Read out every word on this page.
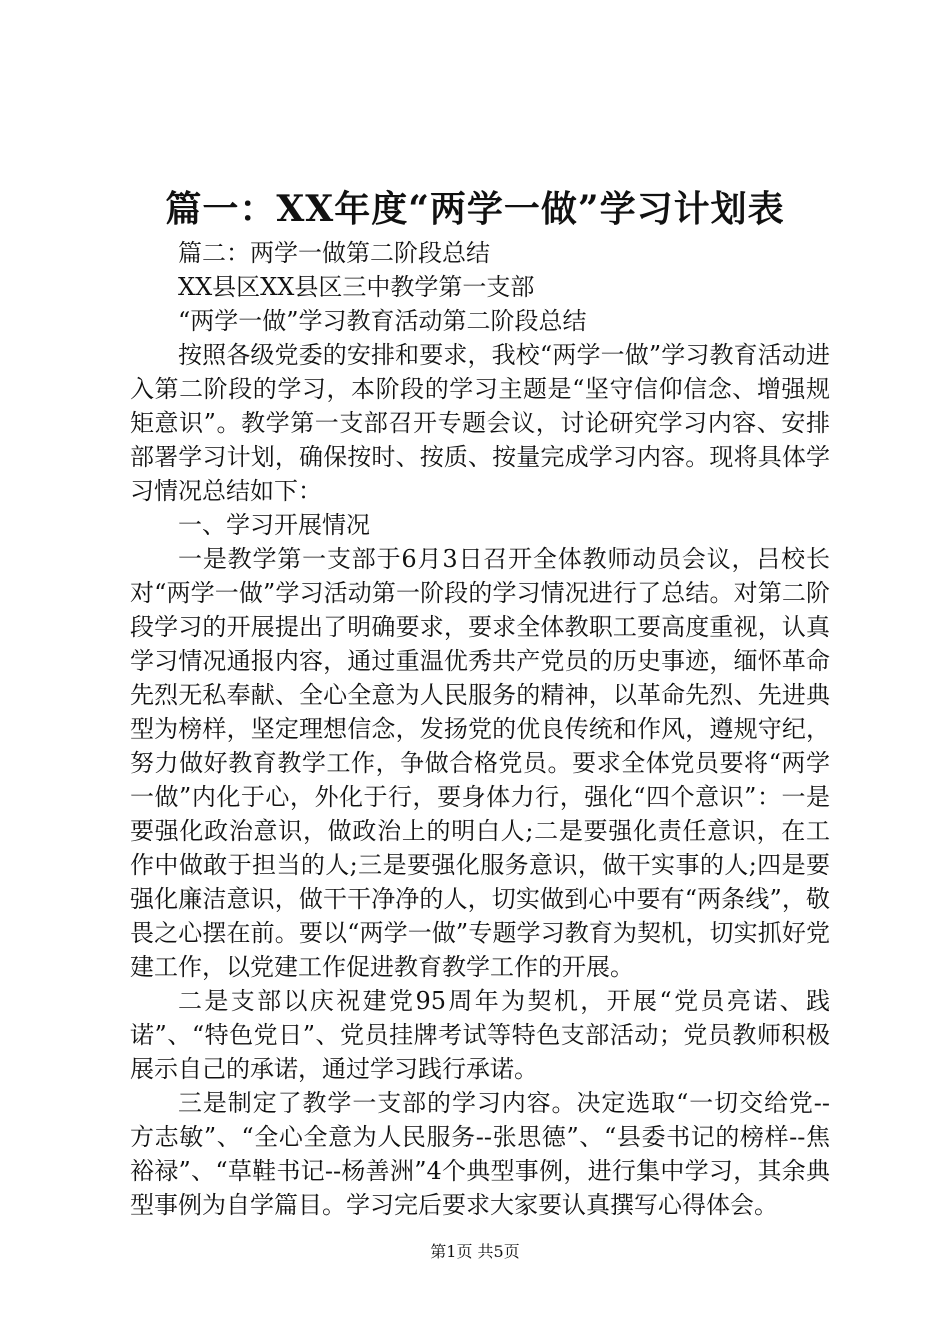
篇一：XX年度“两学一做”学习计划表

篇二：两学一做第二阶段总结

XX县区XX县区三中教学第一支部

“两学一做”学习教育活动第二阶段总结

按照各级党委的安排和要求，我校“两学一做”学习教育活动进入第二阶段的学习，本阶段的学习主题是“坚守信仰信念、增强规矩意识”。教学第一支部召开专题会议，讨论研究学习内容、安排部署学习计划，确保按时、按质、按量完成学习内容。现将具体学习情况总结如下：

一、学习开展情况

一是教学第一支部于6月3日召开全体教师动员会议，吕校长对“两学一做”学习活动第一阶段的学习情况进行了总结。对第二阶段学习的开展提出了明确要求，要求全体教职工要高度重视，认真学习情况通报内容，通过重温优秀共产党员的历史事迹，缅怀革命先烈无私奉献、全心全意为人民服务的精神，以革命先烈、先进典型为榜样，坚定理想信念，发扬党的优良传统和作风，遵规守纪，努力做好教育教学工作，争做合格党员。要求全体党员要将“两学一做”内化于心，外化于行，要身体力行，强化“四个意识”：一是要强化政治意识，做政治上的明白人;二是要强化责任意识，在工作中做敢于担当的人;三是要强化服务意识，做干实事的人;四是要强化廉洁意识，做干干净净的人，切实做到心中要有“两条线”，敬畏之心摆在前。要以“两学一做”专题学习教育为契机，切实抓好党建工作，以党建工作促进教育教学工作的开展。

二是支部以庆祝建党95周年为契机，开展“党员亮诺、践诺”、“特色党日”、党员挂牌考试等特色支部活动；党员教师积极展示自己的承诺，通过学习践行承诺。

三是制定了教学一支部的学习内容。决定选取“一切交给党--方志敏”、“全心全意为人民服务--张思德”、“县委书记的榜样--焦裕禄”、“草鞋书记--杨善洲”4个典型事例，进行集中学习，其余典型事例为自学篇目。学习完后要求大家要认真撰写心得体会。

第1页 共5页
